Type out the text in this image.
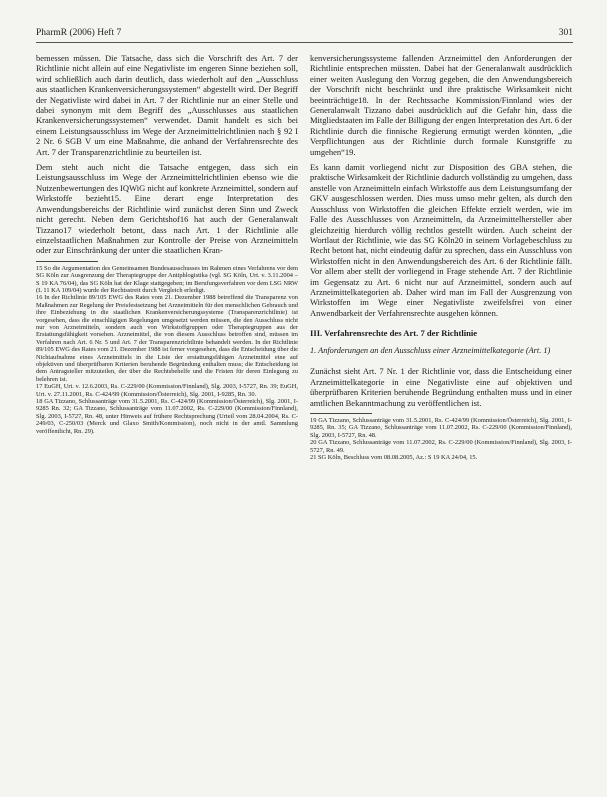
PharmR (2006) Heft 7	301

bemessen müssen. Die Tatsache, dass sich die Vorschrift des Art. 7 der Richtlinie nicht allein auf eine Negativliste im engeren Sinne beziehen soll, wird schließlich auch darin deutlich, dass wiederholt auf den „Ausschluss aus staatlichen Krankenversicherungssystemen“ abgestellt wird. Der Begriff der Negativliste wird dabei in Art. 7 der Richtlinie nur an einer Stelle und dabei synonym mit dem Begriff des „Ausschlusses aus staatlichen Krankenversicherungssystemen“ verwendet. Damit handelt es sich bei einem Leistungsausschluss im Wege der Arzneimittelrichtlinien nach § 92 I 2 Nr. 6 SGB V um eine Maßnahme, die anhand der Verfahrensrechte des Art. 7 der Transparenzrichtlinie zu beurteilen ist.

Dem steht auch nicht die Tatsache entgegen, dass sich ein Leistungsausschluss im Wege der Arzneimittelrichtlinien ebenso wie die Nutzenbewertungen des IQWiG nicht auf konkrete Arzneimittel, sondern auf Wirkstoffe bezieht15. Eine derart enge Interpretation des Anwendungsbereichs der Richtlinie wird zunächst deren Sinn und Zweck nicht gerecht. Neben dem Gerichtshof16 hat auch der Generalanwalt Tizzano17 wiederholt betont, dass nach Art. 1 der Richtlinie alle einzelstaatlichen Maßnahmen zur Kontrolle der Preise von Arzneimitteln oder zur Einschränkung der unter die staatlichen Kran-

15 So die Argumentation des Gemeinsamen Bundesausschusses im Rahmen eines Verfahrens vor dem SG Köln zur Ausgrenzung der Therapiegruppe der Antiphlogistika (vgl. SG Köln, Urt. v. 3.11.2004 – S 19 KA 76/04), das SG Köln hat der Klage stattgegeben; im Berufungsverfahren vor dem LSG NRW (L 11 KA 109/04) wurde der Rechtsstreit durch Vergleich erledigt.

16 In der Richtlinie 89/105 EWG des Rates vom 21. Dezember 1988 betreffend die Transparenz von Maßnahmen zur Regelung der Preisfestsetzung bei Arzneimitteln für den menschlichen Gebrauch und ihre Einbeziehung in die staatlichen Krankenversicherungssysteme (Transparenzrichtlinie) ist vorgesehen, dass die einschlägigen Regelungen umgesetzt werden müssen, die den Ausschluss nicht nur von Arzneimitteln, sondern auch von Wirkstoffgruppen oder Therapiegruppen aus der Erstattungsfähigkeit vorsehen. Arzneimittel, die von diesem Ausschluss betroffen sind, müssen im Verfahren nach Art. 6 Nr. 5 und Art. 7 der Transparenzrichtlinie behandelt werden. In der Richtlinie 89/105 EWG des Rates vom 21. Dezember 1988 ist ferner vorgesehen, dass die Entscheidung über die Nichtaufnahme eines Arzneimittels in die Liste der erstattungsfähigen Arzneimittel eine auf objektiven und überprüfbaren Kriterien beruhende Begründung enthalten muss; die Entscheidung ist dem Antragsteller mitzuteilen, der über die Rechtsbehelfe und die Fristen für deren Einlegung zu belehren ist.

17 EuGH, Urt. v. 12.6.2003, Rs. C-229/00 (Kommission/Finnland), Slg. 2003, I-5727, Rn. 39; EuGH, Urt. v. 27.11.2001, Rs. C-424/99 (Kommission/Österreich), Slg. 2001, I-9285, Rn. 30.

18 GA Tizzano, Schlussanträge vom 31.5.2001, Rs. C-424/99 (Kommission/Österreich), Slg. 2001, I-9285 Rn. 32; GA Tizzano, Schlussanträge vom 11.07.2002, Rs. C-229/00 (Kommission/Finnland), Slg. 2003, I-5727, Rn. 48, unter Hinweis auf frühere Rechtsprechung (Urteil vom 28.04.2004, Rs. C-249/03, C-250/03 (Merck und Glaxo Smith/Kommission), noch nicht in der amtl. Sammlung veröffentlicht, Rn. 29).

kenversicherungssysteme fallenden Arzneimittel den Anforderungen der Richtlinie entsprechen müssten. Dabei hat der Generalanwalt ausdrücklich einer weiten Auslegung den Vorzug gegeben, die den Anwendungsbereich der Vorschrift nicht beschränkt und ihre praktische Wirksamkeit nicht beeinträchtige18. In der Rechtssache Kommission/Finnland wies der Generalanwalt Tizzano dabei ausdrücklich auf die Gefahr hin, dass die Mitgliedstaaten im Falle der Billigung der engen Interpretation des Art. 6 der Richtlinie durch die finnische Regierung ermutigt werden könnten, „die Verpflichtungen aus der Richtlinie durch formale Kunstgriffe zu umgehen“19.

Es kann damit vorliegend nicht zur Disposition des GBA stehen, die praktische Wirksamkeit der Richtlinie dadurch vollständig zu umgehen, dass anstelle von Arzneimitteln einfach Wirkstoffe aus dem Leistungsumfang der GKV ausgeschlossen werden. Dies muss umso mehr gelten, als durch den Ausschluss von Wirkstoffen die gleichen Effekte erzielt werden, wie im Falle des Ausschlusses von Arzneimitteln, da Arzneimittelhersteller aber gleichzeitig hierdurch völlig rechtlos gestellt würden. Auch scheint der Wortlaut der Richtlinie, wie das SG Köln20 in seinem Vorlagebeschluss zu Recht betont hat, nicht eindeutig dafür zu sprechen, dass ein Ausschluss von Wirkstoffen nicht in den Anwendungsbereich des Art. 6 der Richtlinie fällt. Vor allem aber stellt der vorliegend in Frage stehende Art. 7 der Richtlinie im Gegensatz zu Art. 6 nicht nur auf Arzneimittel, sondern auch auf Arzneimittelkategorien ab. Daher wird man im Fall der Ausgrenzung von Wirkstoffen im Wege einer Negativliste zweifelsfrei von einer Anwendbarkeit der Verfahrensrechte ausgehen können.

III. Verfahrensrechte des Art. 7 der Richtlinie
1. Anforderungen an den Ausschluss einer Arzneimittelkategorie (Art. 1)

Zunächst sieht Art. 7 Nr. 1 der Richtlinie vor, dass die Entscheidung einer Arzneimittelkategorie in eine Negativliste eine auf objektiven und überprüfbaren Kriterien beruhende Begründung enthalten muss und in einer amtlichen Bekanntmachung zu veröffentlichen ist.

19 GA Tizzano, Schlussanträge vom 31.5.2001, Rs. C-424/99 (Kommission/Österreich), Slg. 2001, I-9285, Rn. 35; GA Tizzano, Schlussanträge vom 11.07.2002, Rs. C-229/00 (Kommission/Finnland), Slg. 2003, I-5727, Rn. 48.

20 GA Tizzano, Schlussanträge vom 11.07.2002, Rs. C-229/00 (Kommission/Finnland), Slg. 2003, I-5727, Rn. 49.

21 SG Köln, Beschluss vom 08.08.2005, Az.: S 19 KA 24/04, 15.
